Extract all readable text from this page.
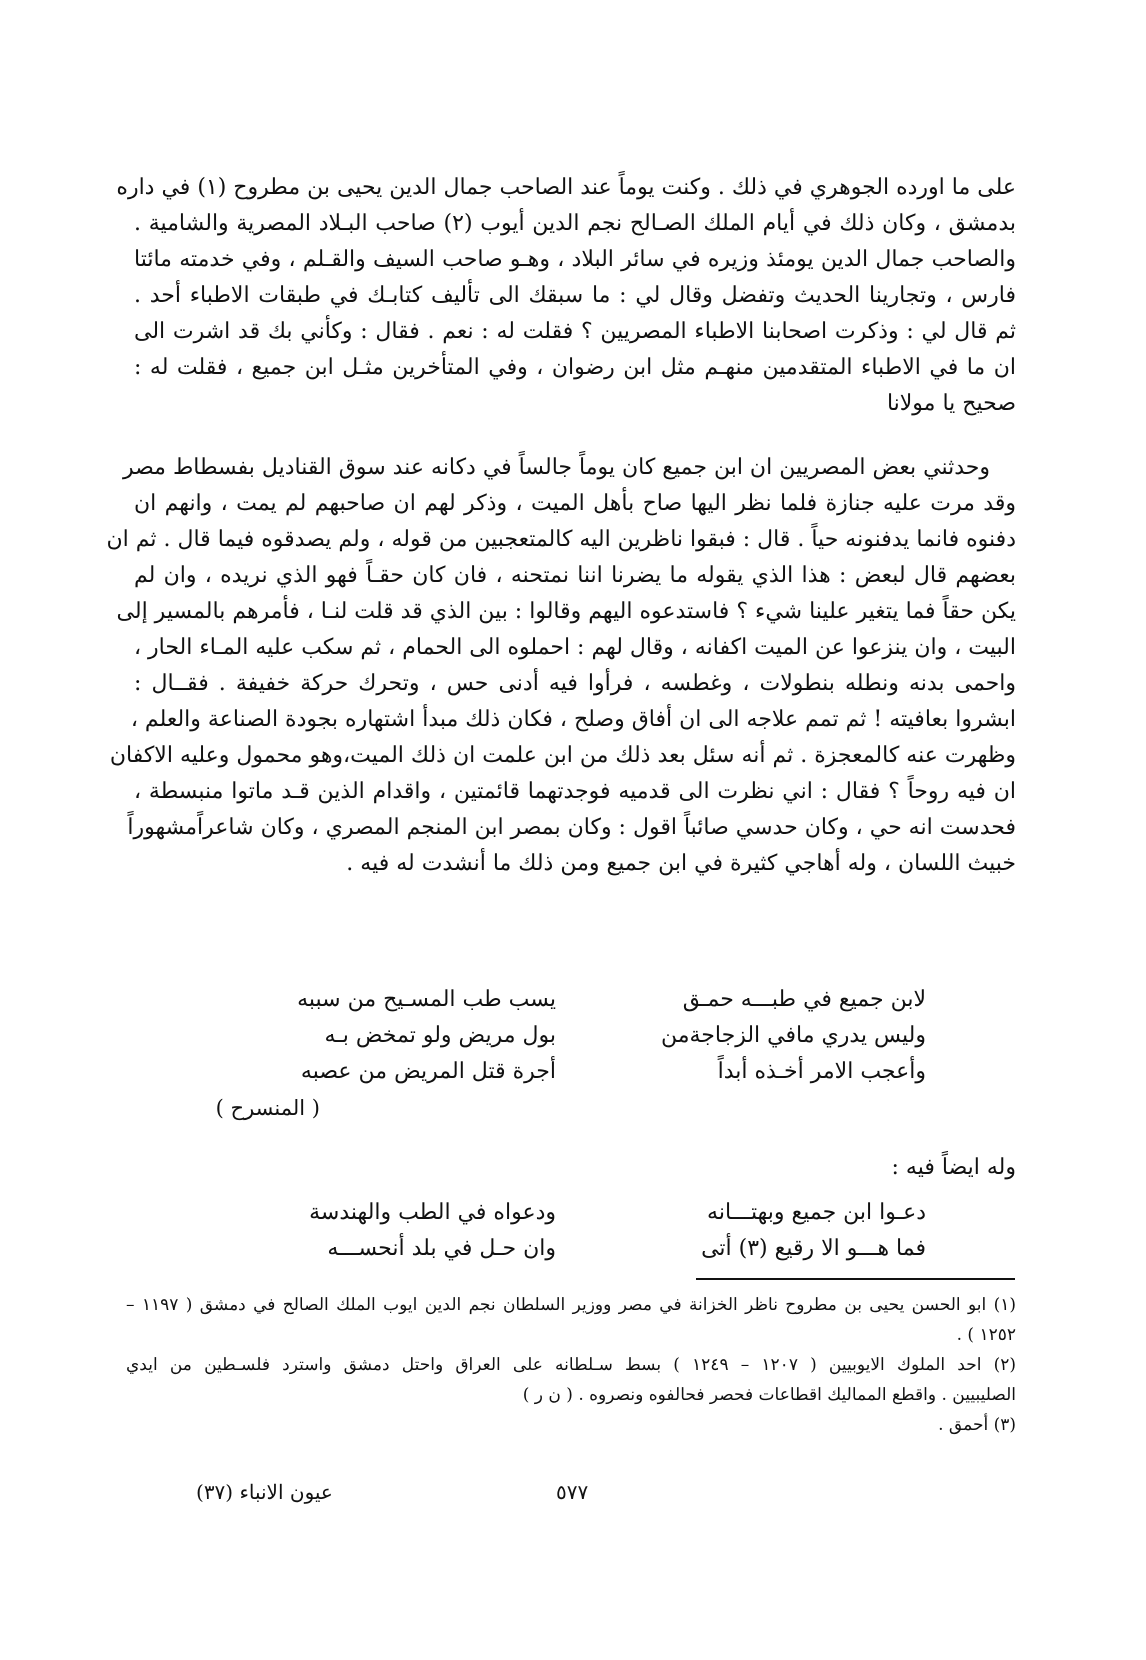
على ما اورده الجوهري في ذلك . وكنت يوماً عند الصاحب جمال الدين يحيى بن مطروح (١) في داره
بدمشق ، وكان ذلك في أيام الملك الصـالح نجم الدين أيوب (٢) صاحب البـلاد المصرية والشامية .
والصاحب جمال الدين يومئذ وزيره في سائر البلاد ، وهـو صاحب السيف والقـلم ، وفي خدمته مائتا
فارس ، وتجارينا الحديث وتفضل وقال لي : ما سبقك الى تأليف كتابـك في طبقات الاطباء أحد .
ثم قال لي : وذكرت اصحابنا الاطباء المصريين ؟ فقلت له : نعم . فقال : وكأني بك قد اشرت الى
ان ما في الاطباء المتقدمين منهـم مثل ابن رضوان ، وفي المتأخرين مثـل ابن جميع ، فقلت له :
صحيح يا مولانا
وحدثني بعض المصريين ان ابن جميع كان يوماً جالساً في دكانه عند سوق القناديل بفسطاط مصر
وقد مرت عليه جنازة فلما نظر اليها صاح بأهل الميت ، وذكر لهم ان صاحبهم لم يمت ، وانهم ان
دفنوه فانما يدفنونه حياً . قال : فبقوا ناظرين اليه كالمتعجبين من قوله ، ولم يصدقوه فيما قال . ثم ان
بعضهم قال لبعض : هذا الذي يقوله ما يضرنا اننا نمتحنه ، فان كان حقـاً فهو الذي نريده ، وان لم
يكن حقاً فما يتغير علينا شيء ؟ فاستدعوه اليهم وقالوا : بين الذي قد قلت لنـا ، فأمرهم بالمسير إلى
البيت ، وان ينزعوا عن الميت اكفانه ، وقال لهم : احملوه الى الحمام ، ثم سكب عليه المـاء الحار ،
واحمى بدنه ونطله بنطولات ، وغطسه ، فرأوا فيه أدنى حس ، وتحرك حركة خفيفة . فقــال :
ابشروا بعافيته ! ثم تمم علاجه الى ان أفاق وصلح ، فكان ذلك مبدأ اشتهاره بجودة الصناعة والعلم ،
وظهرت عنه كالمعجزة . ثم أنه سئل بعد ذلك من ابن علمت ان ذلك الميت،وهو محمول وعليه الاكفان
ان فيه روحاً ؟ فقال : اني نظرت الى قدميه فوجدتهما قائمتين ، واقدام الذين قـد ماتوا منبسطة ،
فحدست انه حي ، وكان حدسي صائباً اقول : وكان بمصر ابن المنجم المصري ، وكان شاعراًمشهوراً
خبيث اللسان ، وله أهاجي كثيرة في ابن جميع ومن ذلك ما أنشدت له فيه .
لابن جميع في طبـــه حمـق
يسب طب المسـيح من سببه
وليس يدري مافي الزجاجةمن
بول مريض ولو تمخض بـه
وأعجب الامر أخـذه أبداً
أجرة قتل المريض من عصبه
( المنسرح )
وله ايضاً فيه :
دعـوا ابن جميع وبهتـــانه
ودعواه في الطب والهندسة
فما هـــو الا رقيع (٣) أتى
وان حـل في بلد أنحســـه
(١) ابو الحسن يحيى بن مطروح ناظر الخزانة في مصر ووزير السلطان نجم الدين ايوب الملك الصالح في دمشق ( ١١٩٧ –
١٢٥٢ ) .
(٢) احد الملوك الايوبيين ( ١٢٠٧ – ١٢٤٩ ) بسط سـلطانه على العراق واحتل دمشق واسترد فلسـطين من ايدي
الصليبيين . واقطع المماليك اقطاعات فحصر فحالفوه ونصروه . ( ن ر )
(٣) أحمق .
٥٧٧
عيون الانباء (٣٧)
